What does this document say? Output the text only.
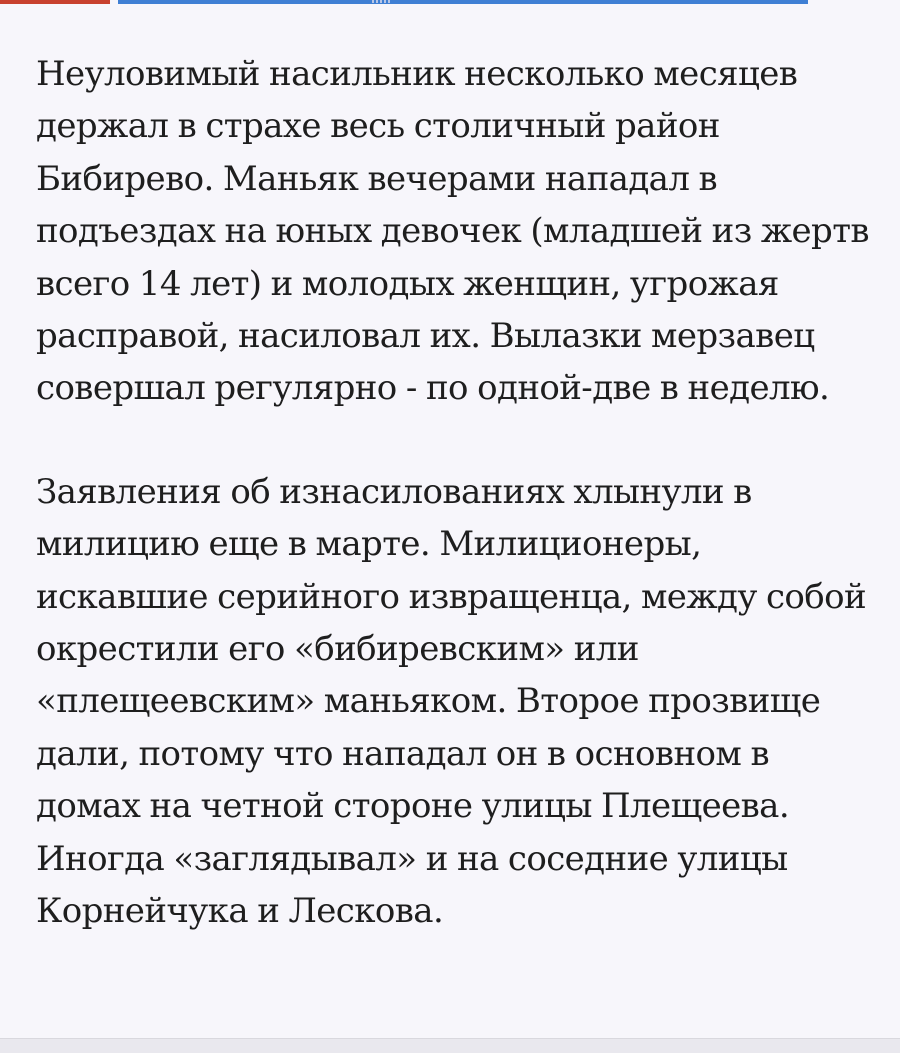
Неуловимый насильник несколько месяцев держал в страхе весь столичный район Бибирево. Маньяк вечерами нападал в подъездах на юных девочек (младшей из жертв всего 14 лет) и молодых женщин, угрожая расправой, насиловал их. Вылазки мерзавец совершал регулярно - по одной-две в неделю.

Заявления об изнасилованиях хлынули в милицию еще в марте. Милиционеры, искавшие серийного извращенца, между собой окрестили его «бибиревским» или «плещеевским» маньяком. Второе прозвище дали, потому что нападал он в основном в домах на четной стороне улицы Плещеева. Иногда «заглядывал» и на соседние улицы Корнейчука и Лескова.
